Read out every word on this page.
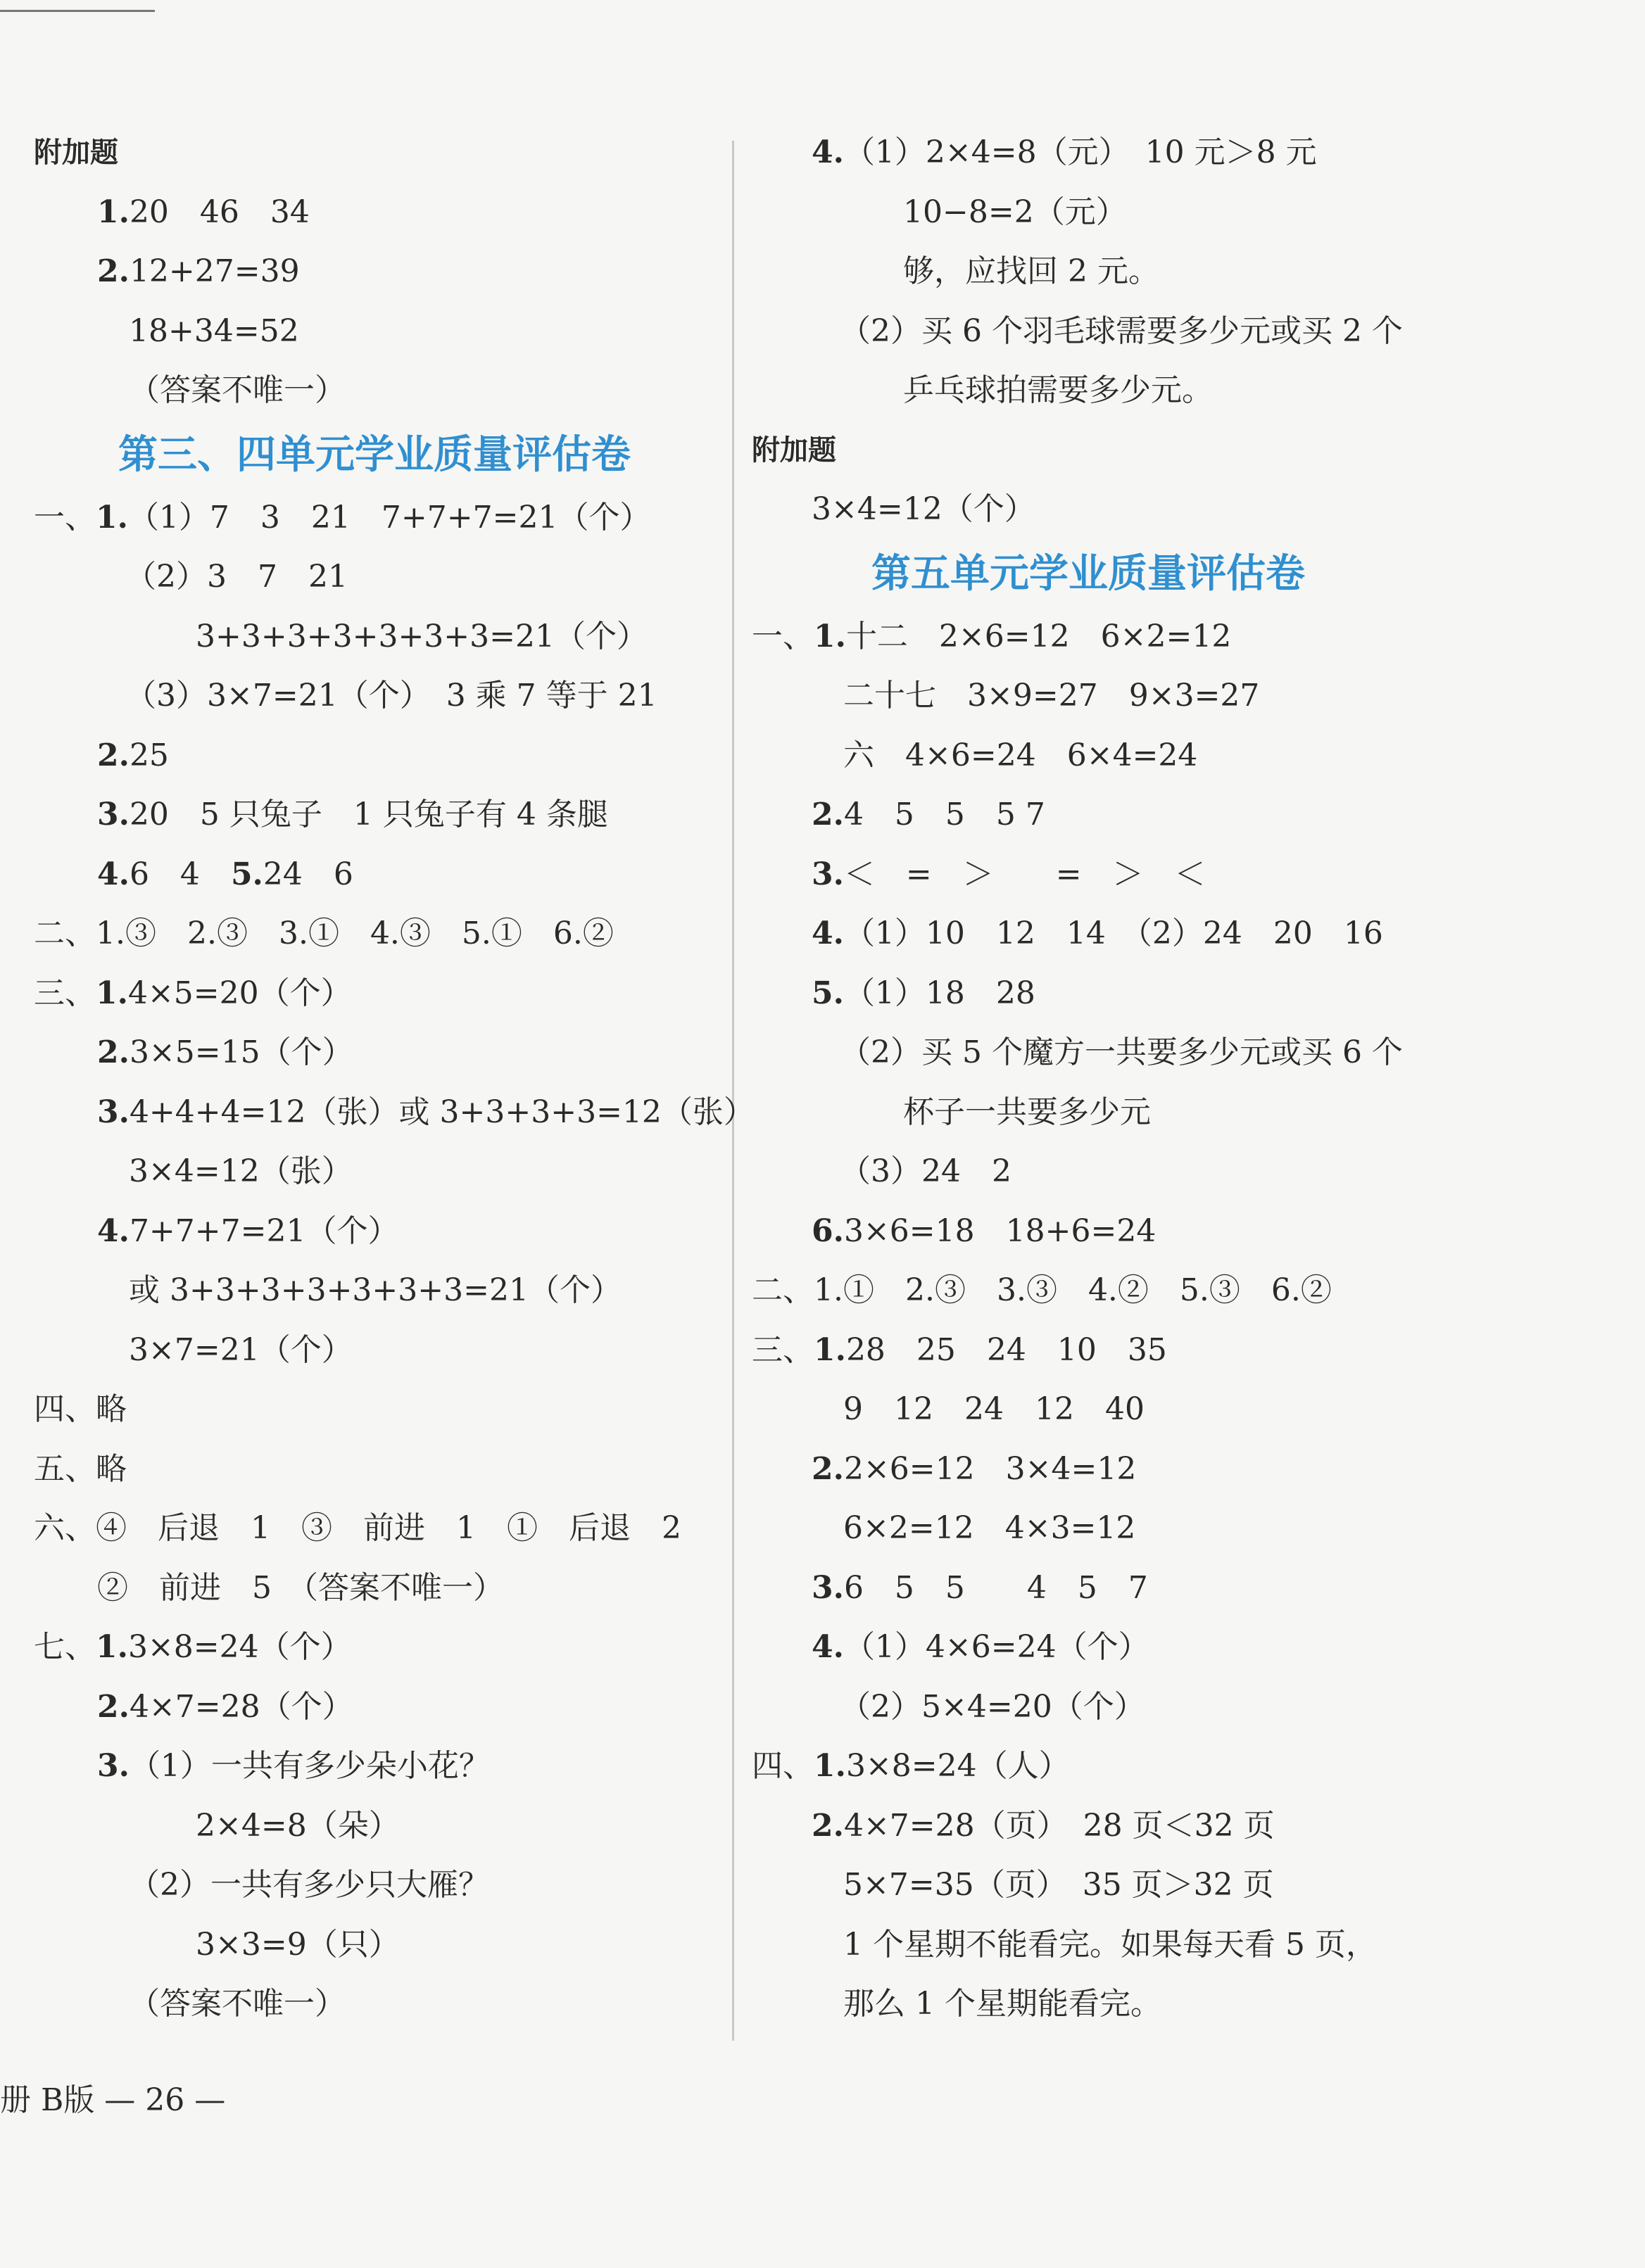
附加题
1.20　46　34
2.12+27=39
18+34=52
（答案不唯一）
第三、四单元学业质量评估卷
一、1.（1）7　3　21　7+7+7=21（个）
（2）3　7　21
3+3+3+3+3+3+3=21（个）
（3）3×7=21（个）　3 乘 7 等于 21
2.25
3.20　5 只兔子　1 只兔子有 4 条腿
4.6　4　5.24　6
二、1.③　2.③　3.①　4.③　5.①　6.②
三、1.4×5=20（个）
2.3×5=15（个）
3.4+4+4=12（张）或 3+3+3+3=12（张）
3×4=12（张）
4.7+7+7=21（个）
或 3+3+3+3+3+3+3=21（个）
3×7=21（个）
四、略
五、略
六、④　后退　1　③　前进　1　①　后退　2
②　前进　5　（答案不唯一）
七、1.3×8=24（个）
2.4×7=28（个）
3.（1）一共有多少朵小花？
2×4=8（朵）
（2）一共有多少只大雁？
3×3=9（只）
（答案不唯一）
4.（1）2×4=8（元）　10 元＞8 元
10−8=2（元）
够，应找回 2 元。
（2）买 6 个羽毛球需要多少元或买 2 个
乒乓球拍需要多少元。
附加题
3×4=12（个）
第五单元学业质量评估卷
一、1.十二　2×6=12　6×2=12
二十七　3×9=27　9×3=27
六　4×6=24　6×4=24
2.4　5　5　5 7
3.＜　=　＞　　=　＞　＜
4.（1）10　12　14　（2）24　20　16
5.（1）18　28
（2）买 5 个魔方一共要多少元或买 6 个
杯子一共要多少元
（3）24　2
6.3×6=18　18+6=24
二、1.①　2.③　3.③　4.②　5.③　6.②
三、1.28　25　24　10　35
9　12　24　12　40
2.2×6=12　3×4=12
6×2=12　4×3=12
3.6　5　5　　4　5　7
4.（1）4×6=24（个）
（2）5×4=20（个）
四、1.3×8=24（人）
2.4×7=28（页）　28 页＜32 页
5×7=35（页）　35 页＞32 页
1 个星期不能看完。如果每天看 5 页，
那么 1 个星期能看完。
册 B版 — 26 —
